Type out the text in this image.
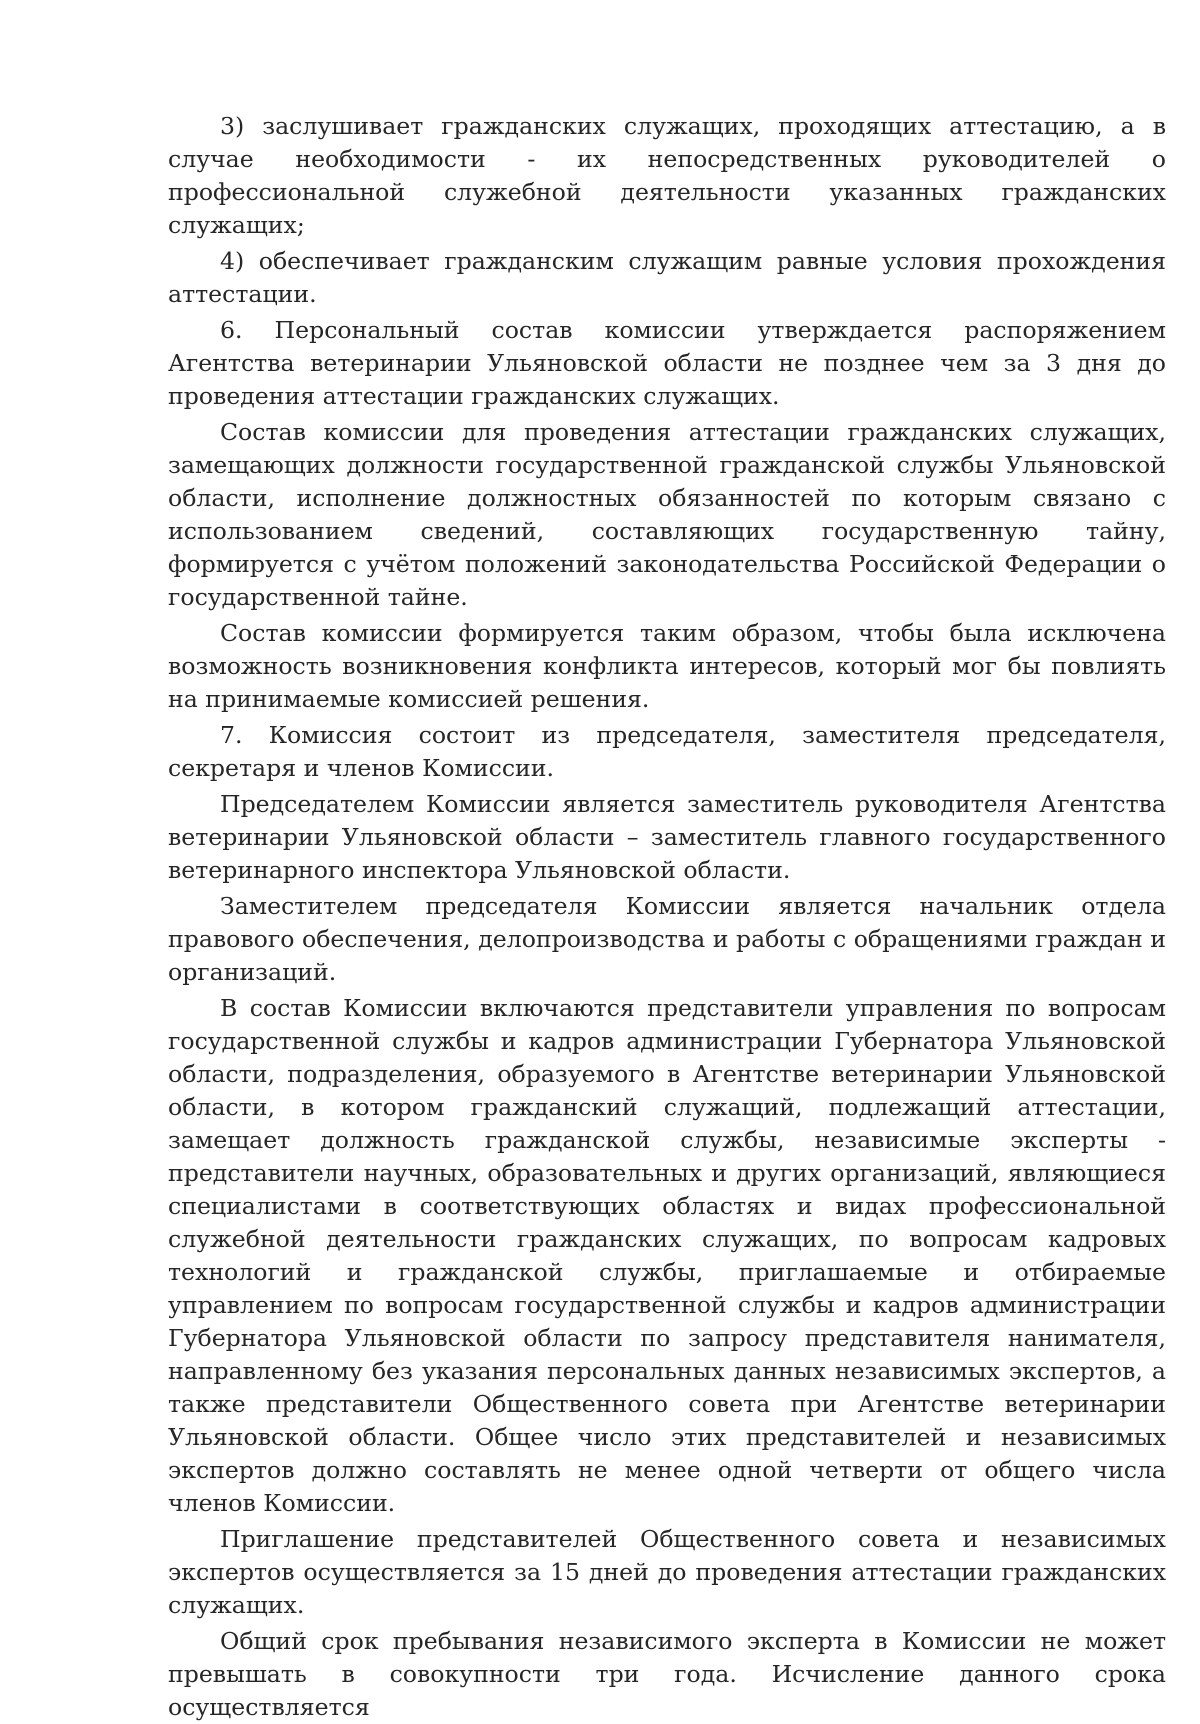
3) заслушивает гражданских служащих, проходящих аттестацию, а в случае необходимости - их непосредственных руководителей о профессиональной служебной деятельности указанных гражданских служащих;

4) обеспечивает гражданским служащим равные условия прохождения аттестации.

6. Персональный состав комиссии утверждается распоряжением Агентства ветеринарии Ульяновской области не позднее чем за 3 дня до проведения аттестации гражданских служащих.

Состав комиссии для проведения аттестации гражданских служащих, замещающих должности государственной гражданской службы Ульяновской области, исполнение должностных обязанностей по которым связано с использованием сведений, составляющих государственную тайну, формируется с учётом положений законодательства Российской Федерации о государственной тайне.

Состав комиссии формируется таким образом, чтобы была исключена возможность возникновения конфликта интересов, который мог бы повлиять на принимаемые комиссией решения.

7. Комиссия состоит из председателя, заместителя председателя, секретаря и членов Комиссии.

Председателем Комиссии является заместитель руководителя Агентства ветеринарии Ульяновской области – заместитель главного государственного ветеринарного инспектора Ульяновской области.

Заместителем председателя Комиссии является начальник отдела правового обеспечения, делопроизводства и работы с обращениями граждан и организаций.

В состав Комиссии включаются представители управления по вопросам государственной службы и кадров администрации Губернатора Ульяновской области, подразделения, образуемого в Агентстве ветеринарии Ульяновской области, в котором гражданский служащий, подлежащий аттестации, замещает должность гражданской службы, независимые эксперты - представители научных, образовательных и других организаций, являющиеся специалистами в соответствующих областях и видах профессиональной служебной деятельности гражданских служащих, по вопросам кадровых технологий и гражданской службы, приглашаемые и отбираемые управлением по вопросам государственной службы и кадров администрации Губернатора Ульяновской области по запросу представителя нанимателя, направленному без указания персональных данных независимых экспертов, а также представители Общественного совета при Агентстве ветеринарии Ульяновской области. Общее число этих представителей и независимых экспертов должно составлять не менее одной четверти от общего числа членов Комиссии.

Приглашение представителей Общественного совета и независимых экспертов осуществляется за 15 дней до проведения аттестации гражданских служащих.

Общий срок пребывания независимого эксперта в Комиссии не может превышать в совокупности три года. Исчисление данного срока осуществляется
